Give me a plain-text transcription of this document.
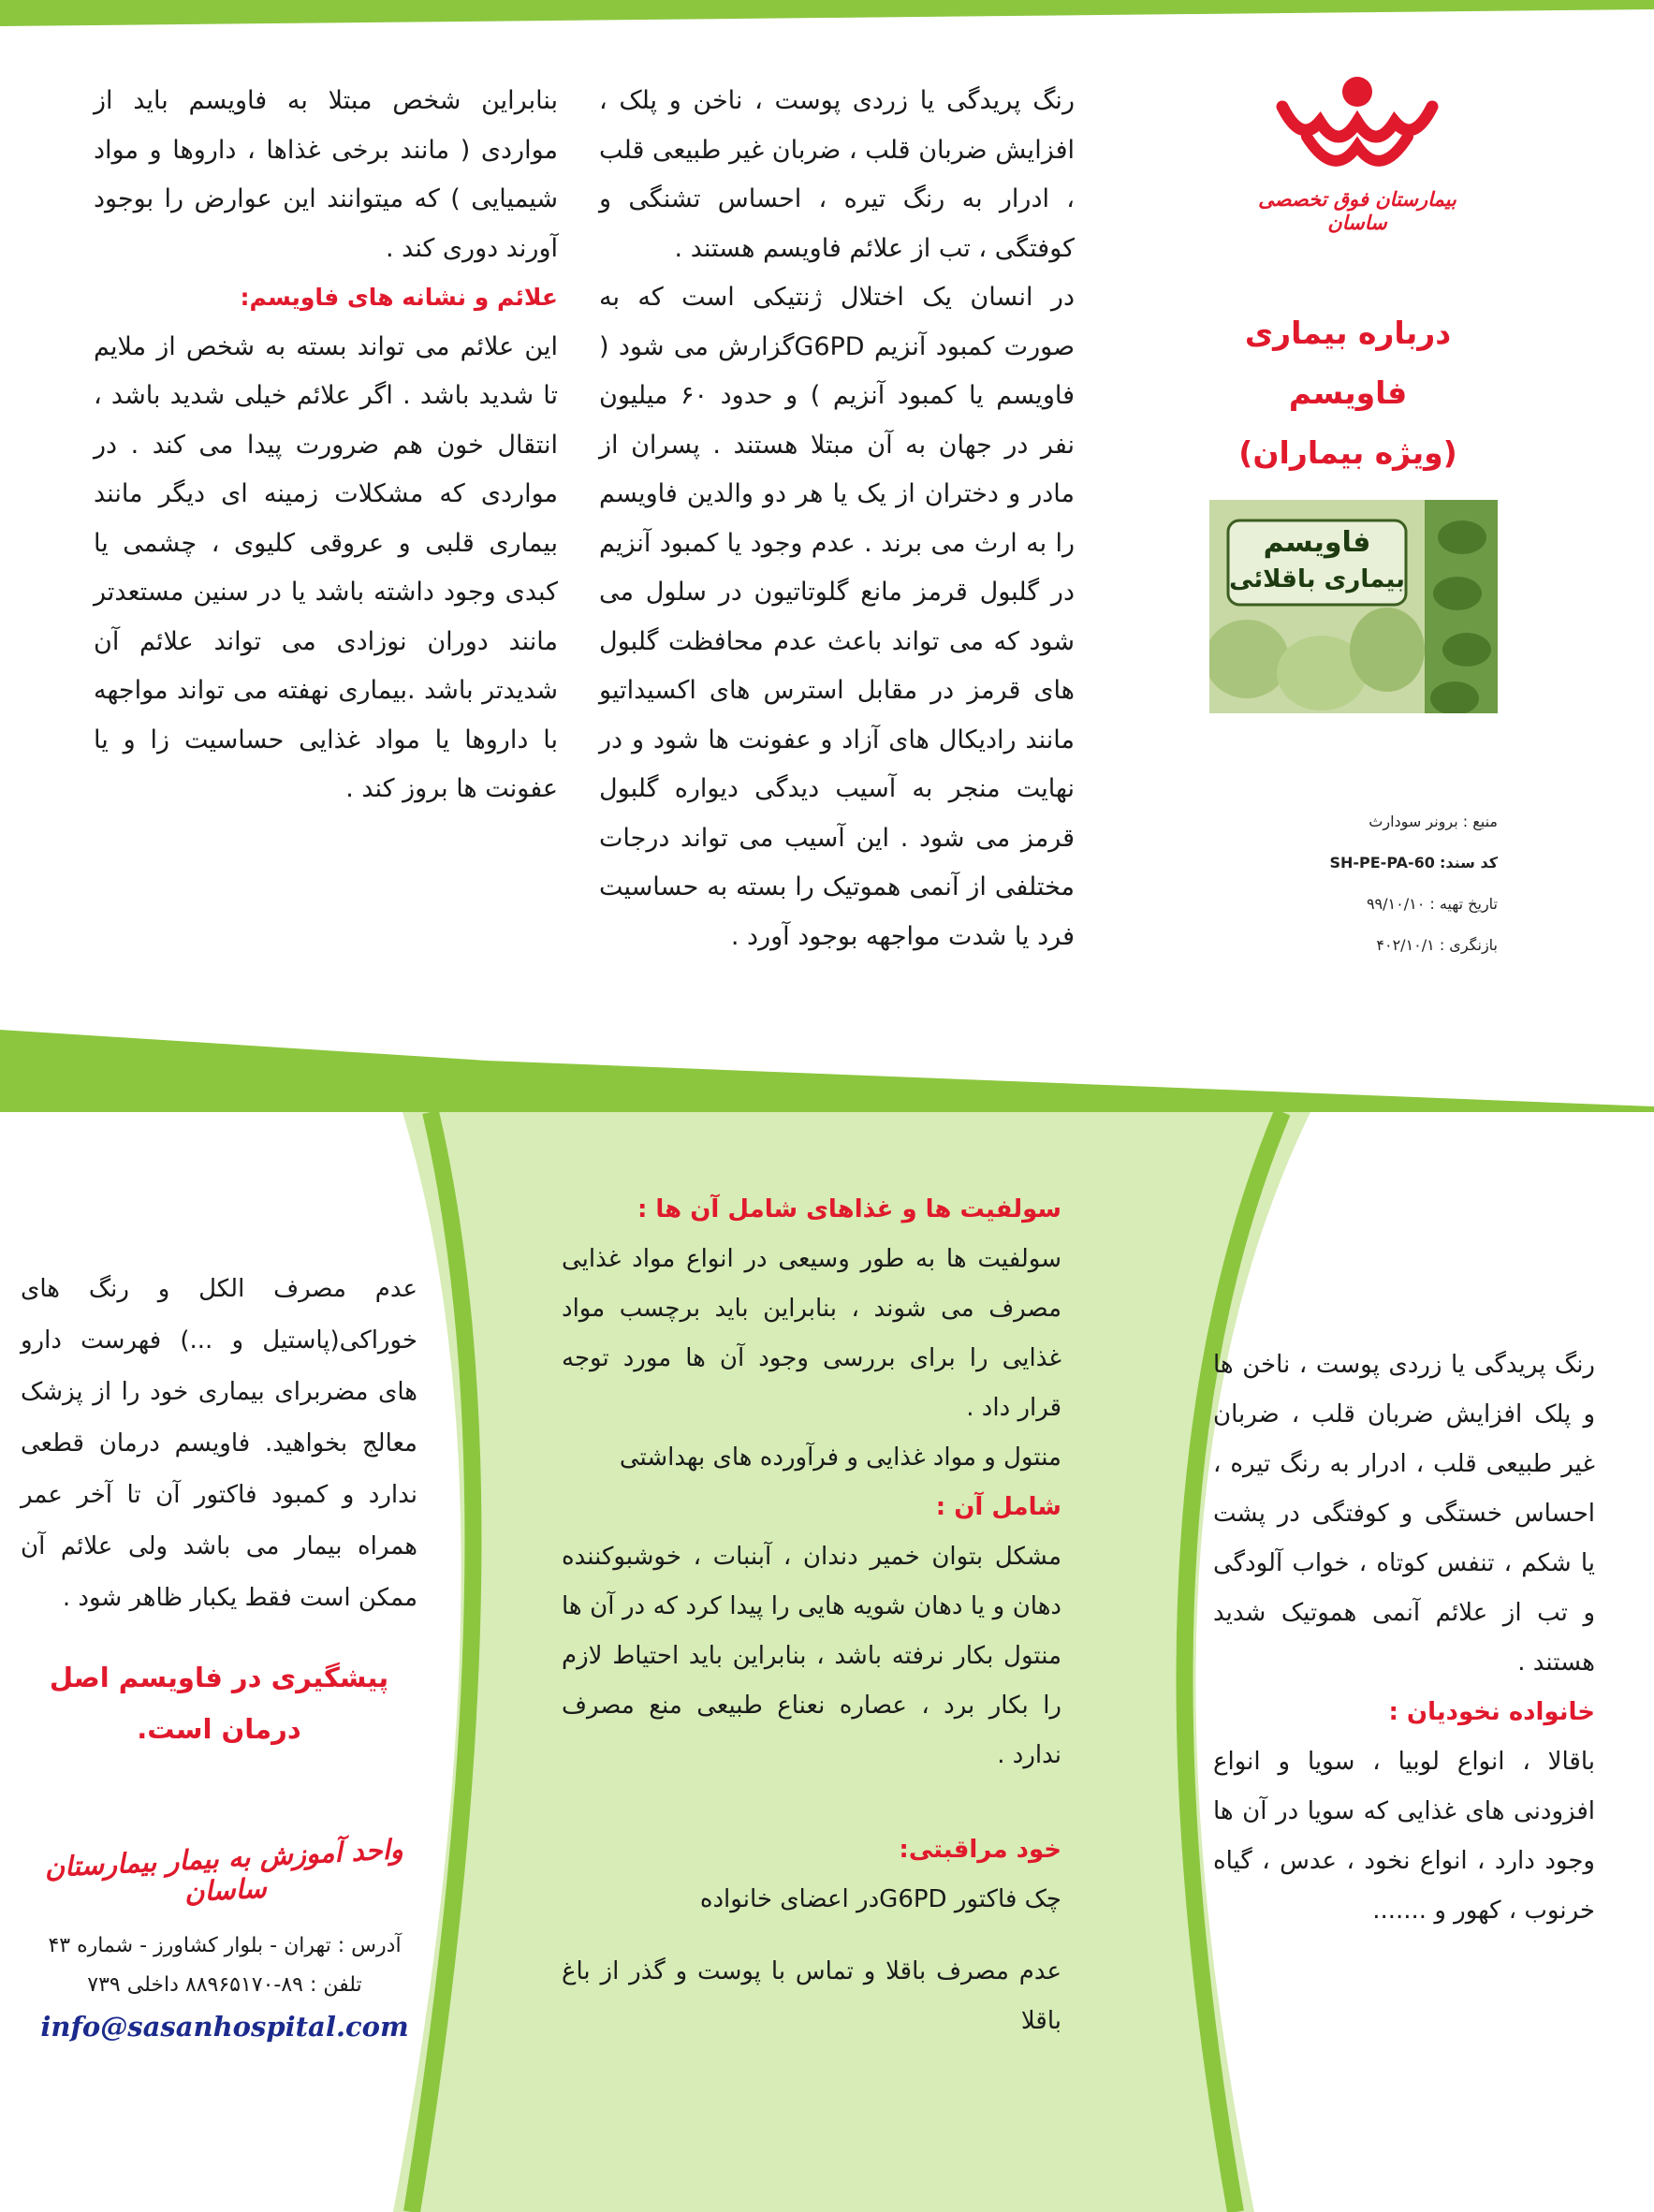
بیمارستان فوق تخصصی ساسان
درباره بیماری فاویسم
(ویژه بیماران)
فاویسم
بیماری باقلائی
منبع : برونر سودارث
کد سند: SH-PE-PA-60
تاریخ تهیه : ۹۹/۱۰/۱۰
بازنگری : ۴۰۲/۱۰/۱

رنگ پریدگی یا زردی پوست ، ناخن و پلک ، افزایش ضربان قلب ، ضربان غیر طبیعی قلب ، ادرار به رنگ تیره ، احساس تشنگی و کوفتگی ، تب از علائم فاویسم هستند .

در انسان یک اختلال ژنتیکی است که به صورت کمبود آنزیم G6PDگزارش می شود ( فاویسم یا کمبود آنزیم ) و حدود ۶۰ میلیون نفر در جهان به آن مبتلا هستند . پسران از مادر و دختران از یک یا هر دو والدین فاویسم را به ارث می برند . عدم وجود یا کمبود آنزیم در گلبول قرمز مانع گلوتاتیون در سلول می شود که می تواند باعث عدم محافظت گلبول های قرمز در مقابل استرس های اکسیداتیو مانند رادیکال های آزاد و عفونت ها شود و در نهایت منجر به آسیب دیدگی دیواره گلبول قرمز می شود . این آسیب می تواند درجات مختلفی از آنمی هموتیک را بسته به حساسیت فرد یا شدت مواجهه بوجود آورد .

بنابراین شخص مبتلا به فاویسم باید از مواردی ( مانند برخی غذاها ، داروها و مواد شیمیایی ) که میتوانند این عوارض را بوجود آورند دوری کند .

علائم و نشانه های فاویسم:

این علائم می تواند بسته به شخص از ملایم تا شدید باشد . اگر علائم خیلی شدید باشد ، انتقال خون هم ضرورت پیدا می کند . در مواردی که مشکلات زمینه ای دیگر مانند بیماری قلبی و عروقی کلیوی ، چشمی یا کبدی وجود داشته باشد یا در سنین مستعدتر مانند دوران نوزادی می تواند علائم آن شدیدتر باشد .بیماری نهفته می تواند مواجهه با داروها یا مواد غذایی حساسیت زا و یا عفونت ها بروز کند .

رنگ پریدگی یا زردی پوست ، ناخن ها و پلک افزایش ضربان قلب ، ضربان غیر طبیعی قلب ، ادرار به رنگ تیره ، احساس خستگی و کوفتگی در پشت یا شکم ، تنفس کوتاه ، خواب آلودگی و تب از علائم آنمی هموتیک شدید هستند .

خانواده نخودیان :

باقالا ، انواع لوبیا ، سویا و انواع افزودنی های غذایی که سویا در آن ها وجود دارد ، انواع نخود ، عدس ، گیاه خرنوب ، کهور و .......

سولفیت ها و غذاهای شامل آن ها :

سولفیت ها به طور وسیعی در انواع مواد غذایی مصرف می شوند ، بنابراین باید برچسب مواد غذایی را برای بررسی وجود آن ها مورد توجه قرار داد .

منتول و مواد غذایی و فرآورده های بهداشتی

شامل آن :

مشکل بتوان خمیر دندان ، آبنبات ، خوشبوکننده دهان و یا دهان شویه هایی را پیدا کرد که در آن ها منتول بکار نرفته باشد ، بنابراین باید احتیاط لازم را بکار برد ، عصاره نعناع طبیعی منع مصرف ندارد .

خود مراقبتی:

چک فاکتور G6PDدر اعضای خانواده

عدم مصرف باقلا و تماس با پوست و گذر از باغ باقلا

عدم مصرف الکل و رنگ های خوراکی(پاستیل و ...) فهرست دارو های مضربرای بیماری خود را از پزشک معالج بخواهید. فاویسم درمان قطعی ندارد و کمبود فاکتور آن تا آخر عمر همراه بیمار می باشد ولی علائم آن ممکن است فقط یکبار ظاهر شود .

پیشگیری در فاویسم اصل درمان است.

واحد آموزش به بیمار بیمارستان ساسان
آدرس : تهران - بلوار کشاورز - شماره ۴۳
تلفن : ۸۹-۸۸۹۶۵۱۷۰ داخلی ۷۳۹
info@sasanhospital.com
